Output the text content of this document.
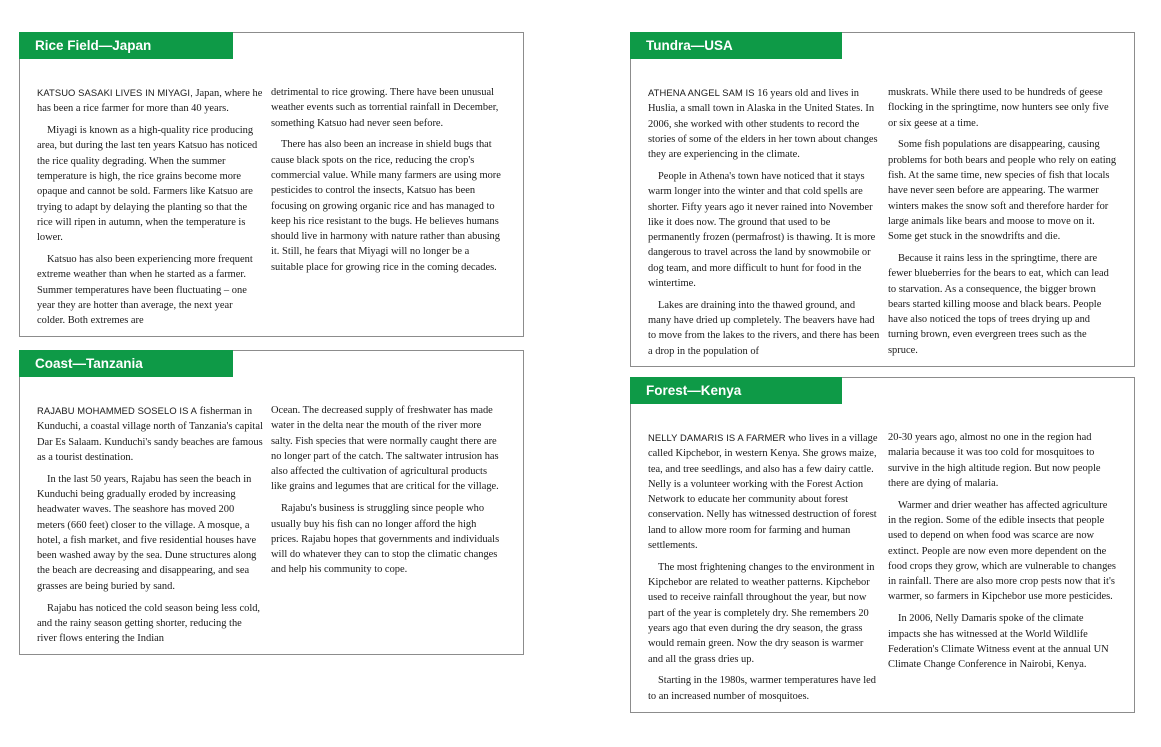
Rice Field—Japan

KATSUO SASAKI LIVES IN MIYAGI, Japan, where he has been a rice farmer for more than 40 years.

Miyagi is known as a high-quality rice producing area, but during the last ten years Katsuo has noticed the rice quality degrading. When the summer temperature is high, the rice grains become more opaque and cannot be sold. Farmers like Katsuo are trying to adapt by delaying the planting so that the rice will ripen in autumn, when the temperature is lower.

Katsuo has also been experiencing more frequent extreme weather than when he started as a farmer. Summer temperatures have been fluctuating – one year they are hotter than average, the next year colder. Both extremes are

detrimental to rice growing. There have been unusual weather events such as torrential rainfall in December, something Katsuo had never seen before.

There has also been an increase in shield bugs that cause black spots on the rice, reducing the crop's commercial value. While many farmers are using more pesticides to control the insects, Katsuo has been focusing on growing organic rice and has managed to keep his rice resistant to the bugs. He believes humans should live in harmony with nature rather than abusing it. Still, he fears that Miyagi will no longer be a suitable place for growing rice in the coming decades.

Coast—Tanzania

RAJABU MOHAMMED SOSELO IS A fisherman in Kunduchi, a coastal village north of Tanzania's capital Dar Es Salaam. Kunduchi's sandy beaches are famous as a tourist destination.

In the last 50 years, Rajabu has seen the beach in Kunduchi being gradually eroded by increasing headwater waves. The seashore has moved 200 meters (660 feet) closer to the village. A mosque, a hotel, a fish market, and five residential houses have been washed away by the sea. Dune structures along the beach are decreasing and disappearing, and sea grasses are being buried by sand.

Rajabu has noticed the cold season being less cold, and the rainy season getting shorter, reducing the river flows entering the Indian

Ocean. The decreased supply of freshwater has made water in the delta near the mouth of the river more salty. Fish species that were normally caught there are no longer part of the catch. The saltwater intrusion has also affected the cultivation of agricultural products like grains and legumes that are critical for the village.

Rajabu's business is struggling since people who usually buy his fish can no longer afford the high prices. Rajabu hopes that governments and individuals will do whatever they can to stop the climatic changes and help his community to cope.

Tundra—USA

ATHENA ANGEL SAM IS 16 years old and lives in Huslia, a small town in Alaska in the United States. In 2006, she worked with other students to record the stories of some of the elders in her town about changes they are experiencing in the climate.

People in Athena's town have noticed that it stays warm longer into the winter and that cold spells are shorter. Fifty years ago it never rained into November like it does now. The ground that used to be permanently frozen (permafrost) is thawing. It is more dangerous to travel across the land by snowmobile or dog team, and more difficult to hunt for food in the wintertime.

Lakes are draining into the thawed ground, and many have dried up completely. The beavers have had to move from the lakes to the rivers, and there has been a drop in the population of

muskrats. While there used to be hundreds of geese flocking in the springtime, now hunters see only five or six geese at a time.

Some fish populations are disappearing, causing problems for both bears and people who rely on eating fish. At the same time, new species of fish that locals have never seen before are appearing. The warmer winters makes the snow soft and therefore harder for large animals like bears and moose to move on it. Some get stuck in the snowdrifts and die.

Because it rains less in the springtime, there are fewer blueberries for the bears to eat, which can lead to starvation. As a consequence, the bigger brown bears started killing moose and black bears. People have also noticed the tops of trees drying up and turning brown, even evergreen trees such as the spruce.

Forest—Kenya

NELLY DAMARIS IS A FARMER who lives in a village called Kipchebor, in western Kenya. She grows maize, tea, and tree seedlings, and also has a few dairy cattle. Nelly is a volunteer working with the Forest Action Network to educate her community about forest conservation. Nelly has witnessed destruction of forest land to allow more room for farming and human settlements.

The most frightening changes to the environment in Kipchebor are related to weather patterns. Kipchebor used to receive rainfall throughout the year, but now part of the year is completely dry. She remembers 20 years ago that even during the dry season, the grass would remain green. Now the dry season is warmer and all the grass dries up.

Starting in the 1980s, warmer temperatures have led to an increased number of mosquitoes.

20-30 years ago, almost no one in the region had malaria because it was too cold for mosquitoes to survive in the high altitude region. But now people there are dying of malaria.

Warmer and drier weather has affected agriculture in the region. Some of the edible insects that people used to depend on when food was scarce are now extinct. People are now even more dependent on the food crops they grow, which are vulnerable to changes in rainfall. There are also more crop pests now that it's warmer, so farmers in Kipchebor use more pesticides.

In 2006, Nelly Damaris spoke of the climate impacts she has witnessed at the World Wildlife Federation's Climate Witness event at the annual UN Climate Change Conference in Nairobi, Kenya.
